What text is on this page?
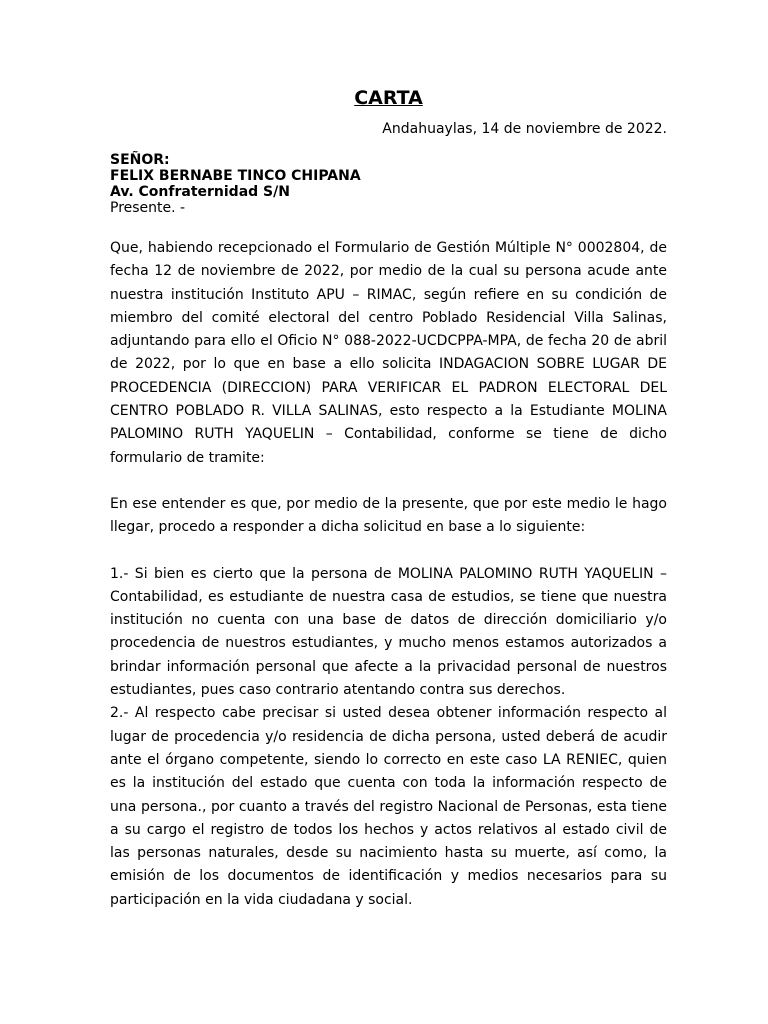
CARTA
Andahuaylas, 14 de noviembre de 2022.
SEÑOR:
FELIX BERNABE TINCO CHIPANA
Av. Confraternidad S/N
Presente. -

Que, habiendo recepcionado el Formulario de Gestión Múltiple N° 0002804, de fecha 12 de noviembre de 2022, por medio de la cual su persona acude ante nuestra institución Instituto APU – RIMAC, según refiere en su condición de miembro del comité electoral del centro Poblado Residencial Villa Salinas, adjuntando para ello el Oficio N° 088-2022-UCDCPPA-MPA, de fecha 20 de abril de 2022, por lo que en base a ello solicita INDAGACION SOBRE LUGAR DE PROCEDENCIA (DIRECCION) PARA VERIFICAR EL PADRON ELECTORAL DEL CENTRO POBLADO R. VILLA SALINAS, esto respecto a la Estudiante MOLINA PALOMINO RUTH YAQUELIN – Contabilidad, conforme se tiene de dicho formulario de tramite:

En ese entender es que, por medio de la presente, que por este medio le hago llegar, procedo a responder a dicha solicitud en base a lo siguiente:

1.- Si bien es cierto que la persona de MOLINA PALOMINO RUTH YAQUELIN – Contabilidad, es estudiante de nuestra casa de estudios, se tiene que nuestra institución no cuenta con una base de datos de dirección domiciliario y/o procedencia de nuestros estudiantes, y mucho menos estamos autorizados a brindar información personal que afecte a la privacidad personal de nuestros estudiantes, pues caso contrario atentando contra sus derechos.

2.- Al respecto cabe precisar si usted desea obtener información respecto al lugar de procedencia y/o residencia de dicha persona, usted deberá de acudir ante el órgano competente, siendo lo correcto en este caso LA RENIEC, quien es la institución del estado que cuenta con toda la información respecto de una persona., por cuanto a través del registro Nacional de Personas, esta tiene a su cargo el registro de todos los hechos y actos relativos al estado civil de las personas naturales, desde su nacimiento hasta su muerte, así como, la emisión de los documentos de identificación y medios necesarios para su participación en la vida ciudadana y social.
